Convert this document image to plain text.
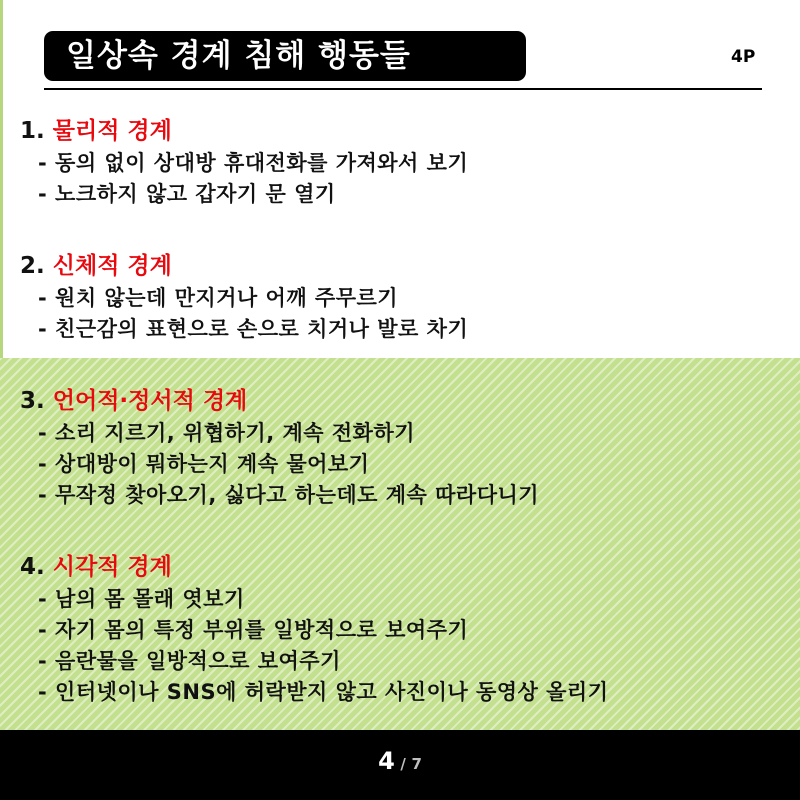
일상속 경계 침해 행동들	4P
1. 물리적 경계
- 동의 없이 상대방 휴대전화를 가져와서 보기
- 노크하지 않고 갑자기 문 열기
2. 신체적 경계
- 원치 않는데 만지거나 어깨 주무르기
- 친근감의 표현으로 손으로 치거나 발로 차기
3. 언어적·정서적 경계
- 소리 지르기, 위협하기, 계속 전화하기
- 상대방이 뭐하는지 계속 물어보기
- 무작정 찾아오기, 싫다고 하는데도 계속 따라다니기
4. 시각적 경계
- 남의 몸 몰래 엿보기
- 자기 몸의 특정 부위를 일방적으로 보여주기
- 음란물을 일방적으로 보여주기
- 인터넷이나 SNS에 허락받지 않고 사진이나 동영상 올리기
4 / 7
